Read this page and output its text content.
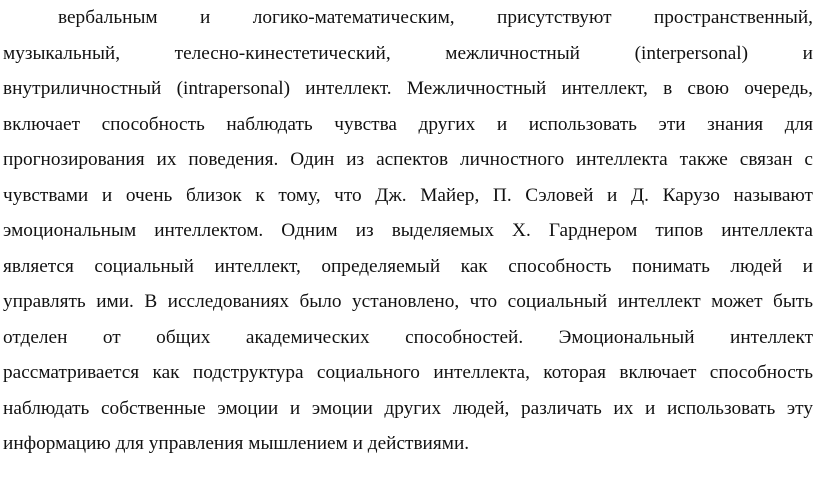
вербальным и логико-математическим, присутствуют пространственный,
музыкальный, телесно-кинестетический, межличностный (interpersonal) и
внутриличностный (intrapersonal) интеллект. Межличностный интеллект, в свою очередь,
включает способность наблюдать чувства других и использовать эти знания для
прогнозирования их поведения. Один из аспектов личностного интеллекта также связан с
чувствами и очень близок к тому, что Дж. Майер, П. Сэловей и Д. Карузо называют
эмоциональным интеллектом. Одним из выделяемых Х. Гарднером типов интеллекта
является социальный интеллект, определяемый как способность понимать людей и
управлять ими. В исследованиях было установлено, что социальный интеллект может быть
отделен от общих академических способностей. Эмоциональный интеллект
рассматривается как подструктура социального интеллекта, которая включает способность
наблюдать собственные эмоции и эмоции других людей, различать их и использовать эту
информацию для управления мышлением и действиями.
